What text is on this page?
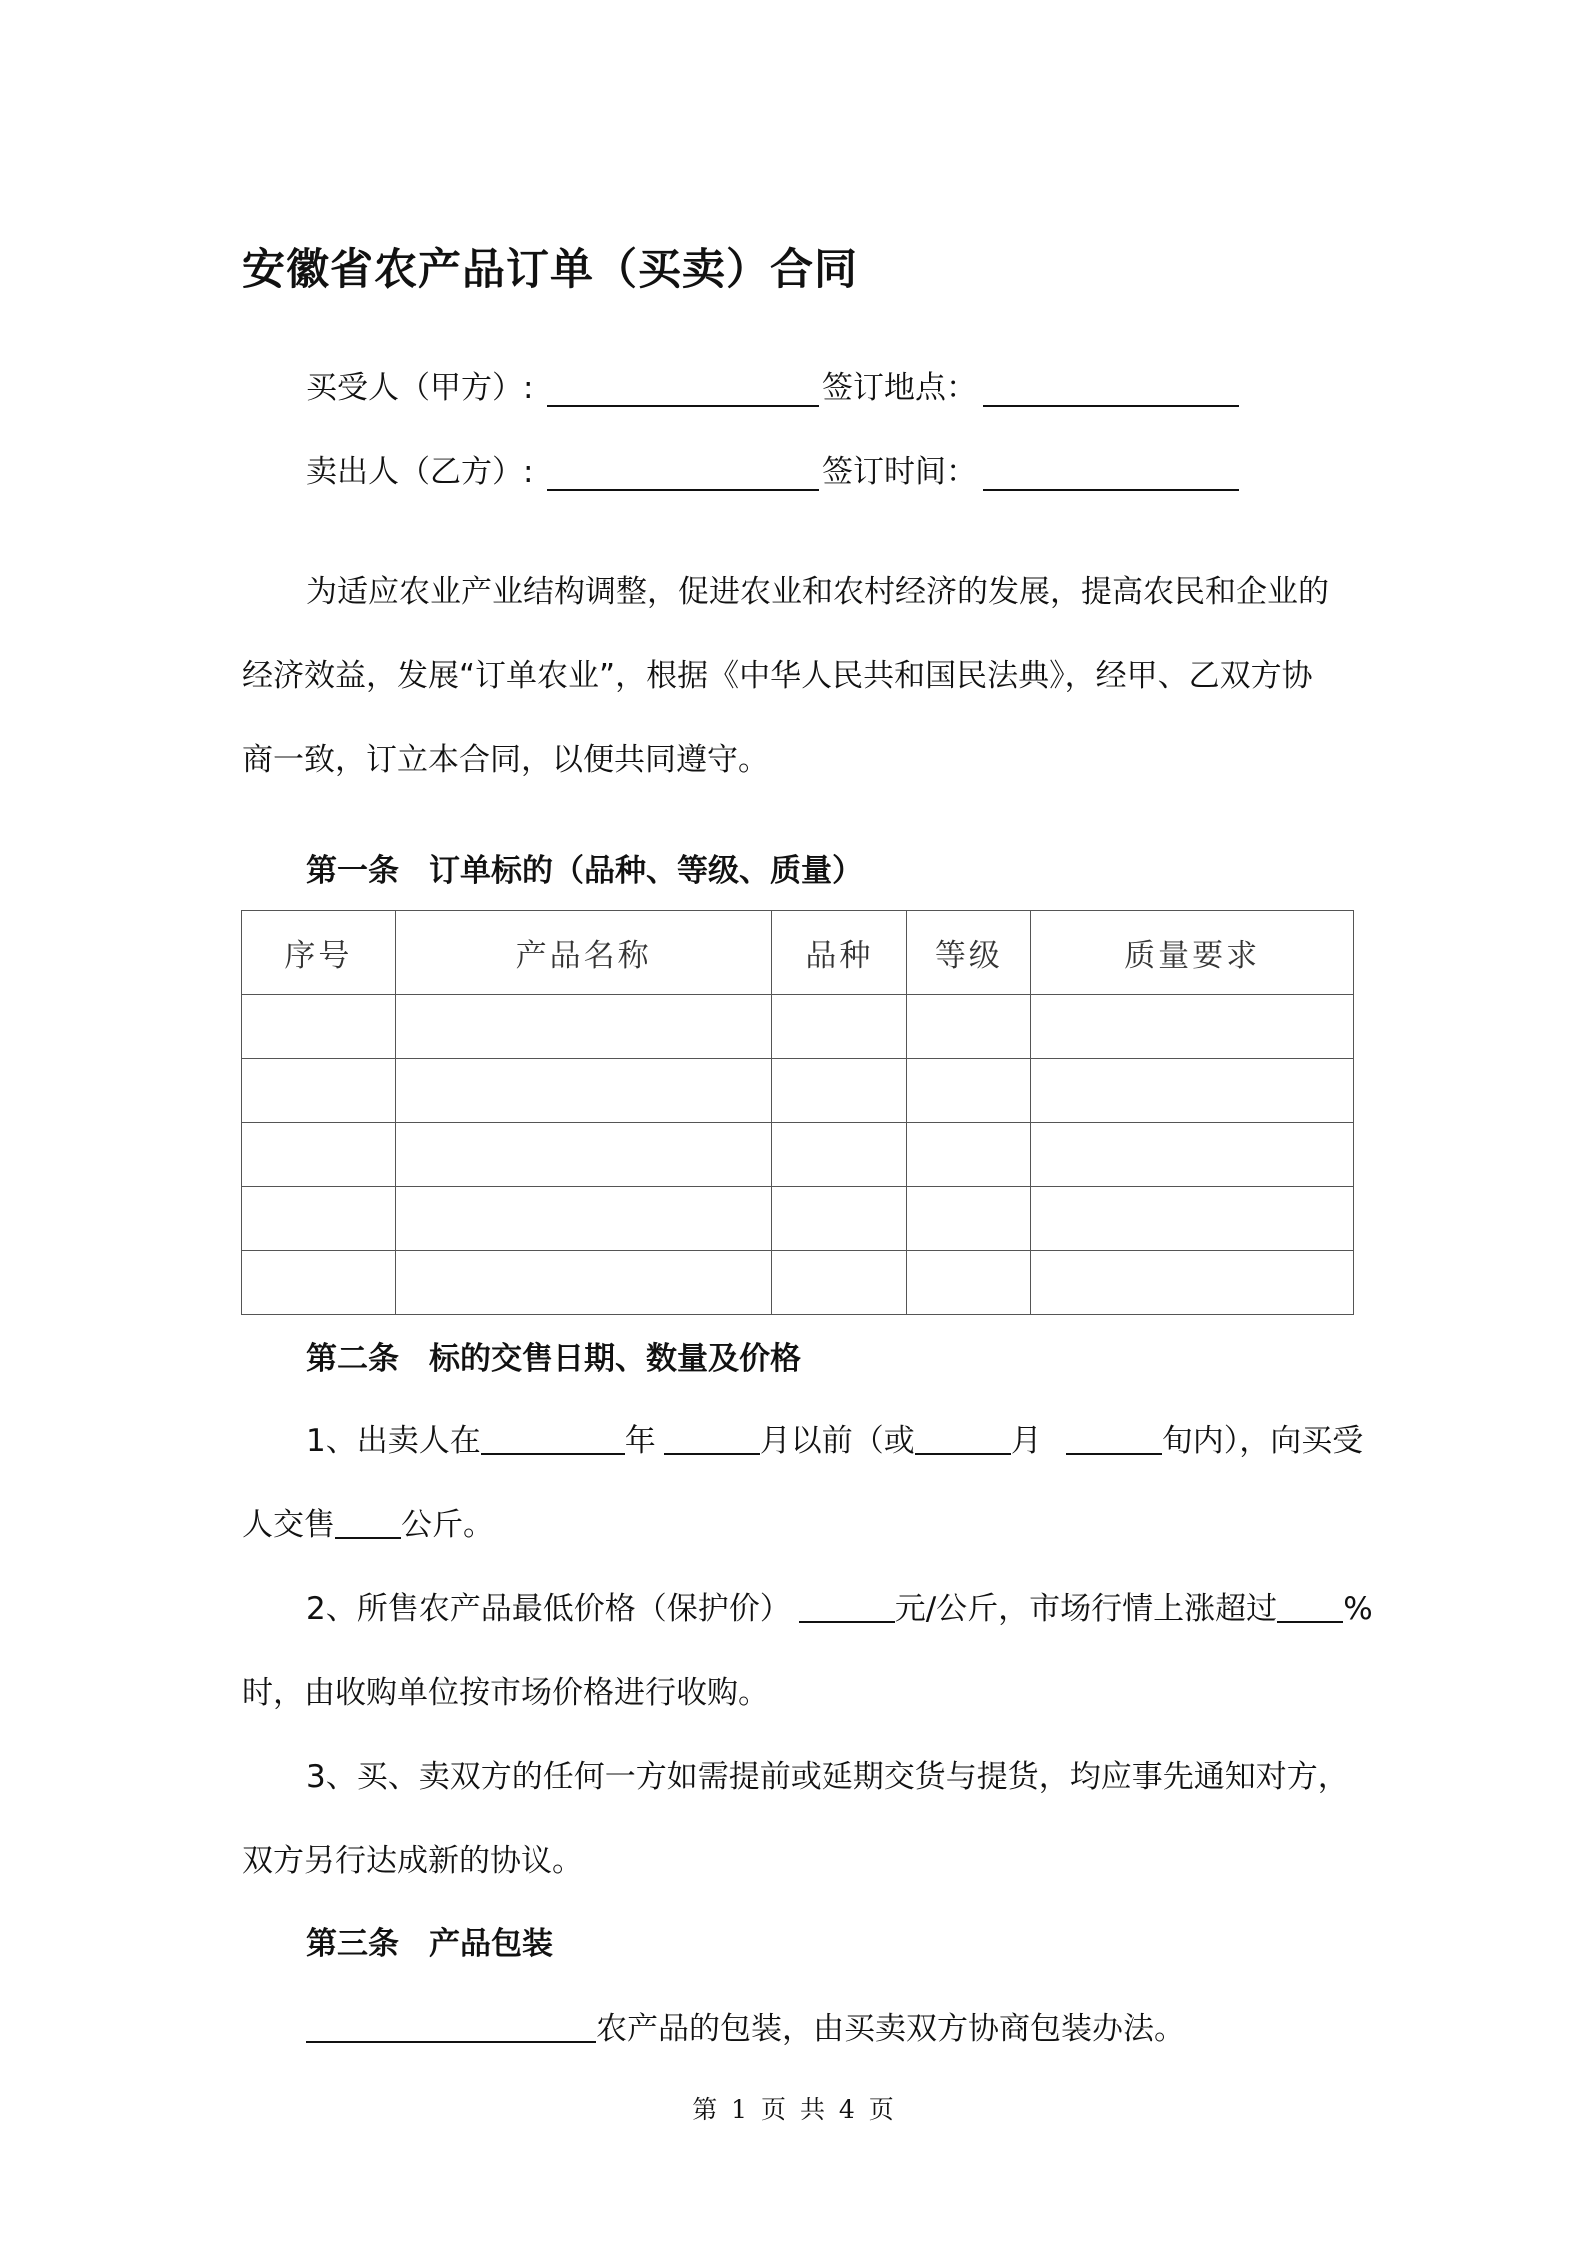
安徽省农产品订单（买卖）合同
买受人（甲方）:	签订地点：
卖出人（乙方）:	签订时间：

为适应农业产业结构调整，促进农业和农村经济的发展，提高农民和企业的

经济效益，发展“订单农业”，根据《中华人民共和国民法典》，经甲、乙双方协

商一致，订立本合同，以便共同遵守。

第一条 订单标的（品种、等级、质量）
序号	产品名称	品种	等级	质量要求

第二条 标的交售日期、数量及价格
1、出卖人在	年	月以前（或	月	旬内），向买受
人交售 公斤。
2、所售农产品最低价格（保护价）	元/公斤，市场行情上涨超过 %
时，由收购单位按市场价格进行收购。
3、买、卖双方的任何一方如需提前或延期交货与提货，均应事先通知对方，
双方另行达成新的协议。
第三条 产品包装
农产品的包装，由买卖双方协商包装办法。
第 1 页 共 4 页
